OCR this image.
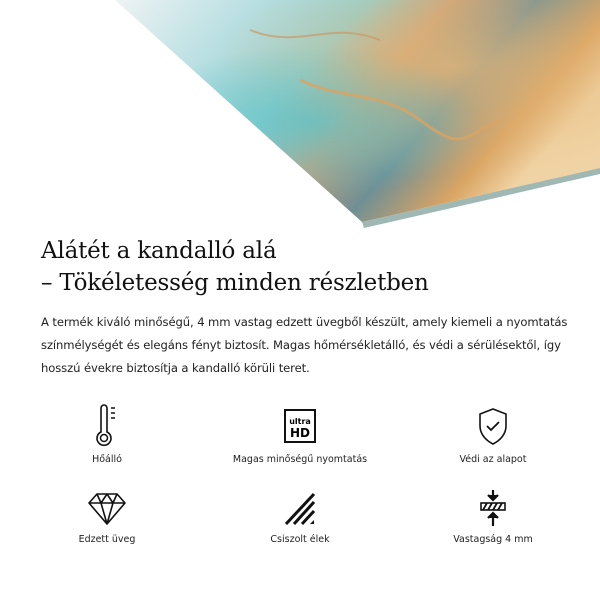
Alátét a kandalló alá
– Tökéletesség minden részletben
A termék kiváló minőségű, 4 mm vastag edzett üvegből készült, amely kiemeli a nyomtatás színmélységét és elegáns fényt biztosít. Magas hőmérsékletálló, és védi a sérülésektől, így hosszú évekre biztosítja a kandalló körüli teret.
Hőálló
ultra
HD
Magas minőségű nyomtatás	Védi az alapot
Edzett üveg	Csiszolt élek	Vastagság 4 mm
